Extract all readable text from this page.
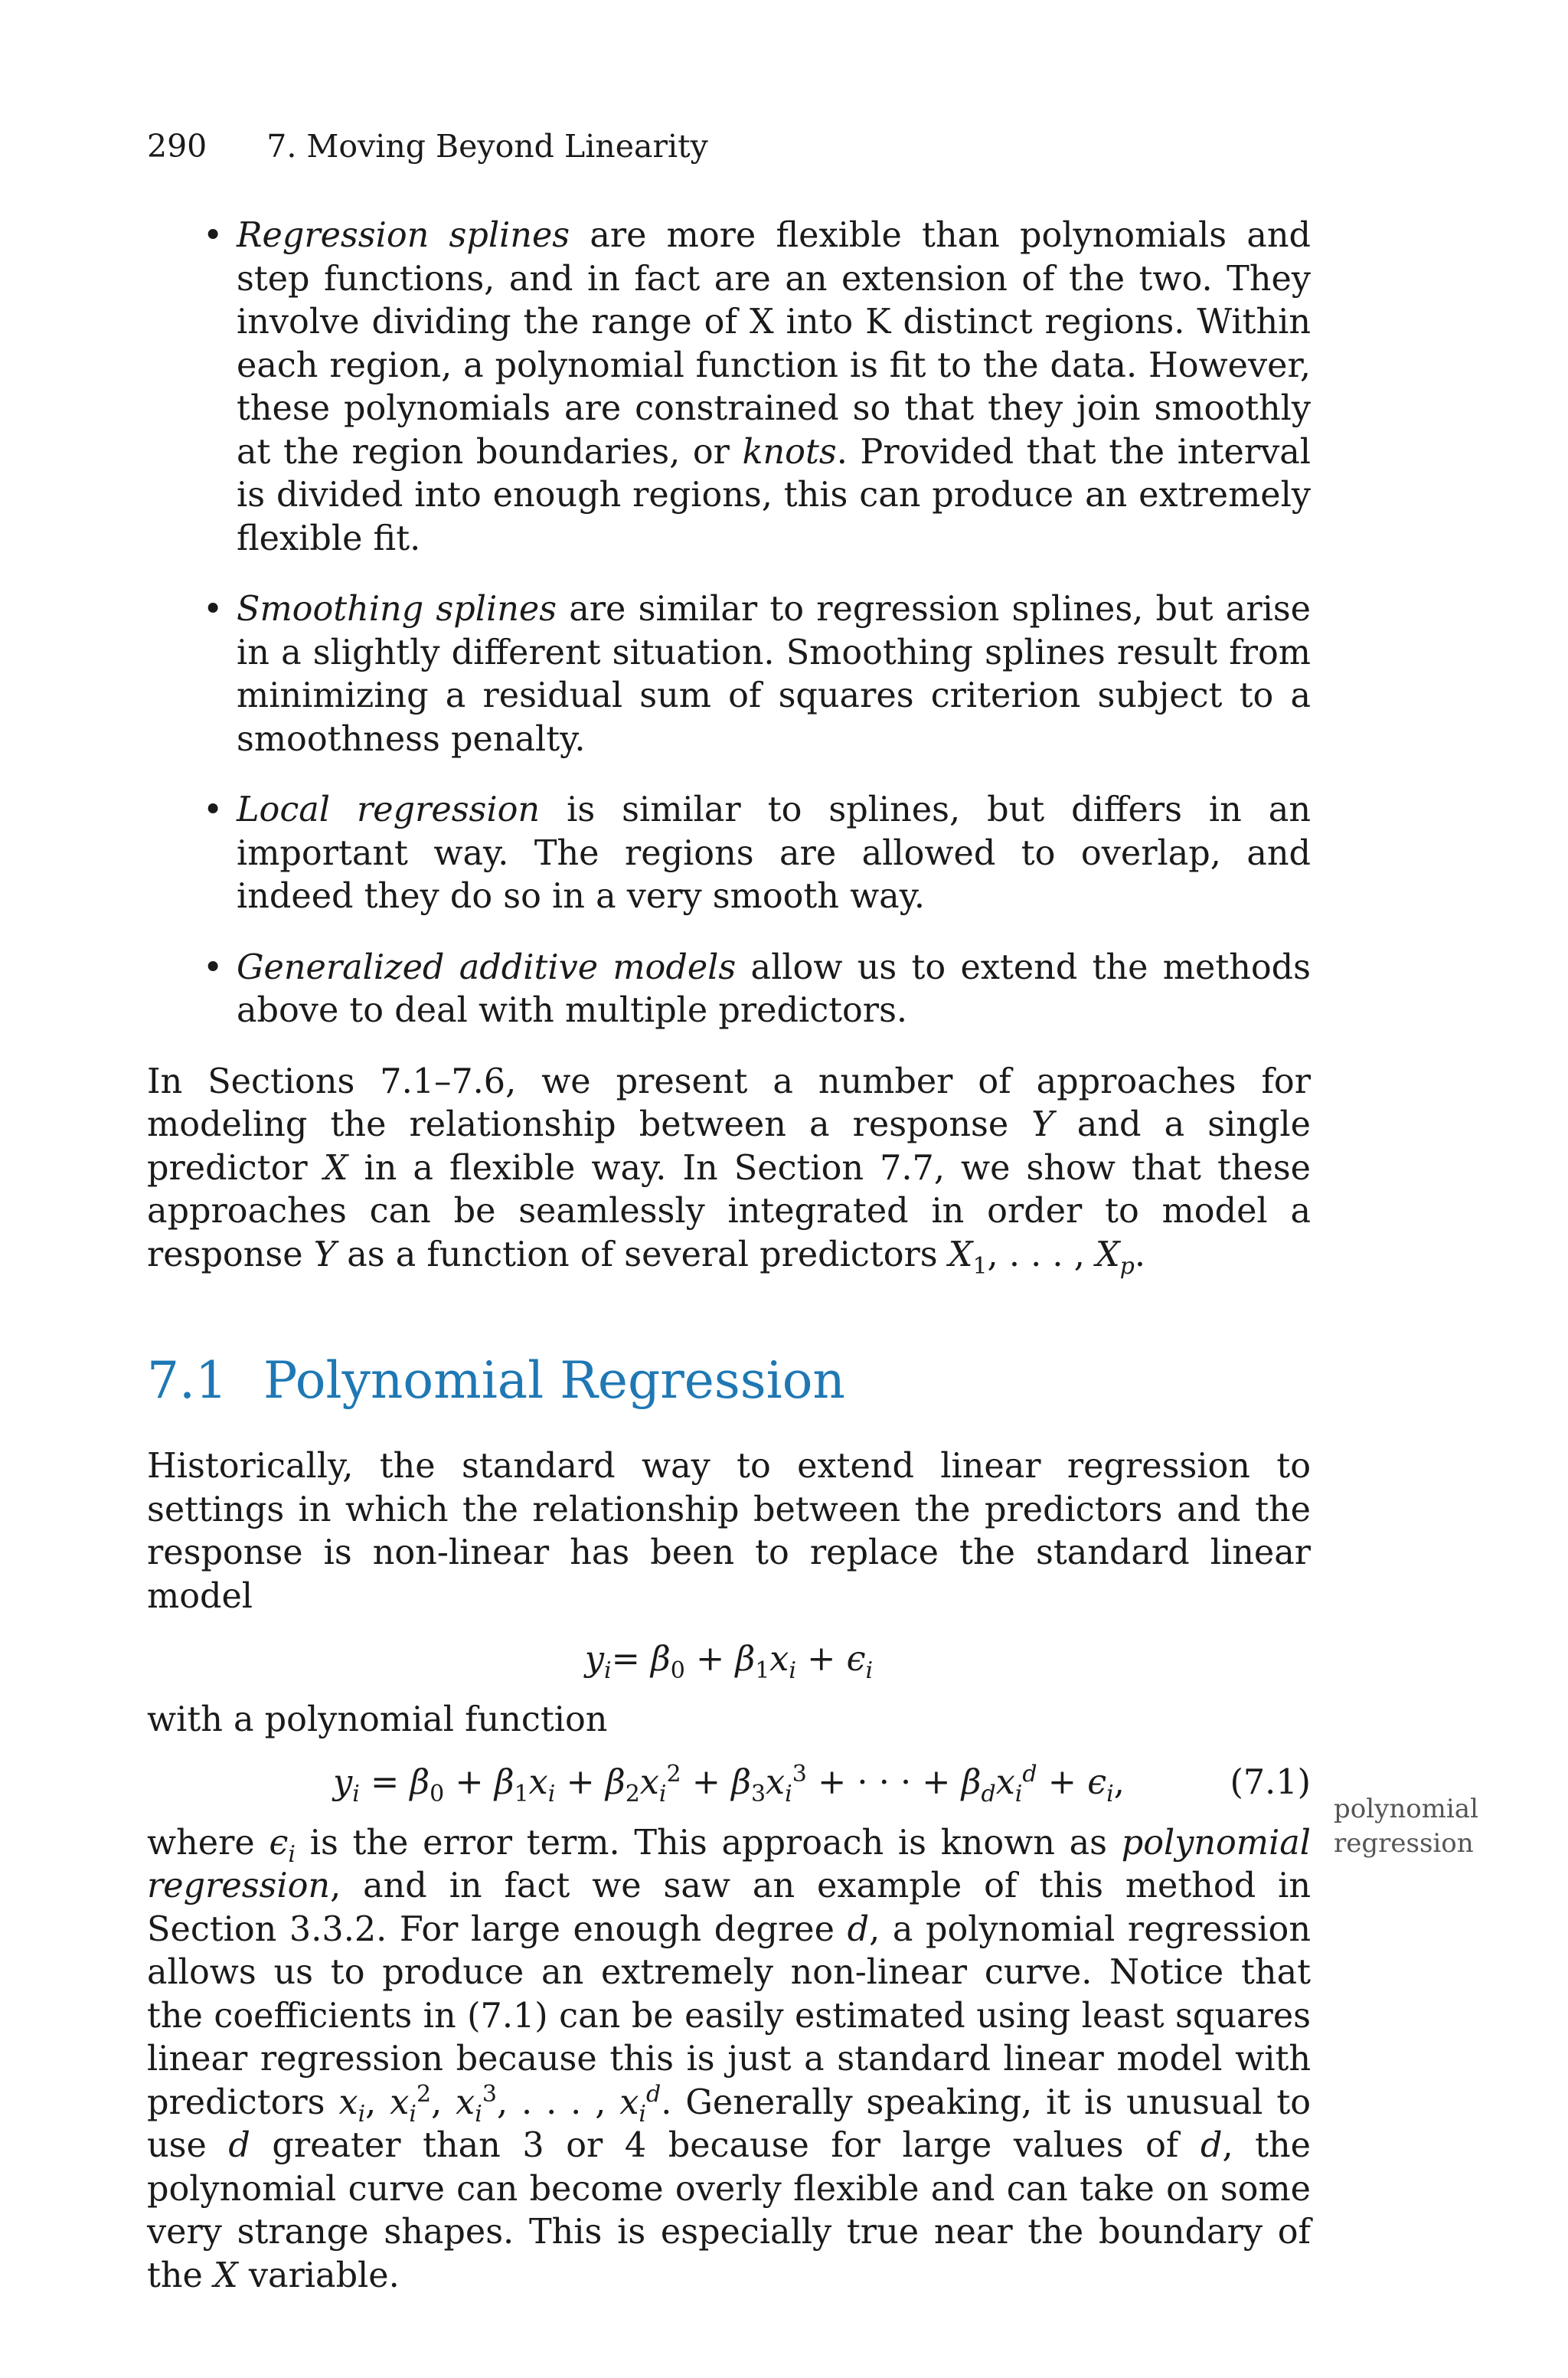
290 7. Moving Beyond Linearity
polynomial
regression
• Regression splines are more flexible than polynomials and step functions, and in fact are an extension of the two. They involve dividing the range of X into K distinct regions. Within each region, a polynomial function is fit to the data. However, these polynomials are constrained so that they join smoothly at the region boundaries, or knots. Provided that the interval is divided into enough regions, this can produce an extremely flexible fit.
• Smoothing splines are similar to regression splines, but arise in a slightly different situation. Smoothing splines result from minimizing a residual sum of squares criterion subject to a smoothness penalty.
• Local regression is similar to splines, but differs in an important way. The regions are allowed to overlap, and indeed they do so in a very smooth way.
• Generalized additive models allow us to extend the methods above to deal with multiple predictors.

In Sections 7.1–7.6, we present a number of approaches for modeling the relationship between a response Y and a single predictor X in a flexible way. In Section 7.7, we show that these approaches can be seamlessly integrated in order to model a response Y as a function of several predictors $X_1$, . . . , $X_p$.

7.1 Polynomial Regression

Historically, the standard way to extend linear regression to settings in which the relationship between the predictors and the response is non-linear has been to replace the standard linear model

$y_i= \beta_0 + \beta_1x_i + \epsilon_i$

with a polynomial function

$y_i = \beta_0 + \beta_1x_i + \beta_2x_i^2 + \beta_3x_i^3$ + · · · + $\beta_dx_i^d + \epsilon_i$,	(7.1)

where $\epsilon_i$ is the error term. This approach is known as polynomial regression, and in fact we saw an example of this method in Section 3.3.2. For large enough degree d, a polynomial regression allows us to produce an extremely non-linear curve. Notice that the coefficients in (7.1) can be easily estimated using least squares linear regression because this is just a standard linear model with predictors $x_i$, $x_i^2$, $x_i^3$, . . . , $x_i^d$. Generally speaking, it is unusual to use d greater than 3 or 4 because for large values of d, the polynomial curve can become overly flexible and can take on some very strange shapes. This is especially true near the boundary of the X variable.
